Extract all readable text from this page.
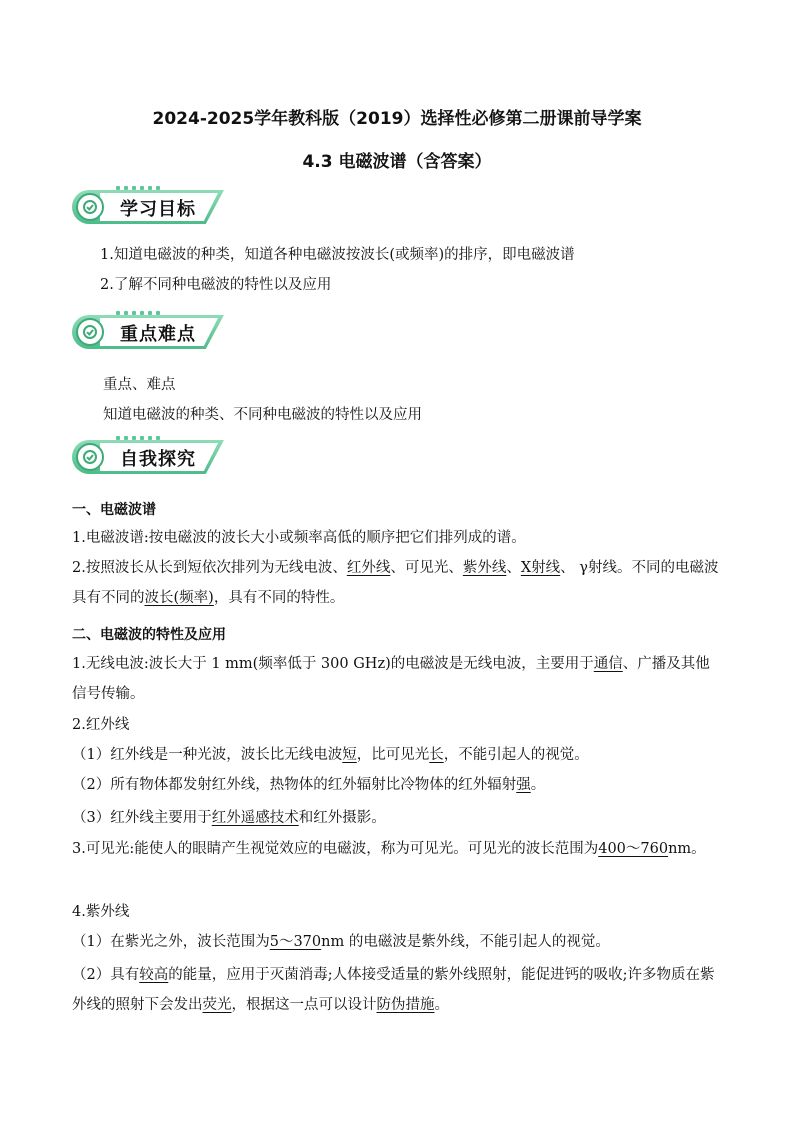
2024-2025学年教科版（2019）选择性必修第二册课前导学案
4.3 电磁波谱（含答案）
学习目标
1.知道电磁波的种类，知道各种电磁波按波长(或频率)的排序，即电磁波谱
2.了解不同种电磁波的特性以及应用
重点难点
重点、难点
知道电磁波的种类、不同种电磁波的特性以及应用
自我探究
一、电磁波谱
1.电磁波谱:按电磁波的波长大小或频率高低的顺序把它们排列成的谱。
2.按照波长从长到短依次排列为无线电波、红外线、可见光、紫外线、X射线、 γ射线。不同的电磁波具有不同的波长(频率)，具有不同的特性。
二、电磁波的特性及应用
1.无线电波:波长大于 1 mm(频率低于 300 GHz)的电磁波是无线电波，主要用于通信、广播及其他信号传输。
2.红外线
（1）红外线是一种光波，波长比无线电波短，比可见光长，不能引起人的视觉。
（2）所有物体都发射红外线，热物体的红外辐射比冷物体的红外辐射强。
（3）红外线主要用于红外遥感技术和红外摄影。
3.可见光:能使人的眼睛产生视觉效应的电磁波，称为可见光。可见光的波长范围为400～760nm。
4.紫外线
（1）在紫光之外，波长范围为5～370nm 的电磁波是紫外线，不能引起人的视觉。
（2）具有较高的能量，应用于灭菌消毒;人体接受适量的紫外线照射，能促进钙的吸收;许多物质在紫外线的照射下会发出荧光，根据这一点可以设计防伪措施。
